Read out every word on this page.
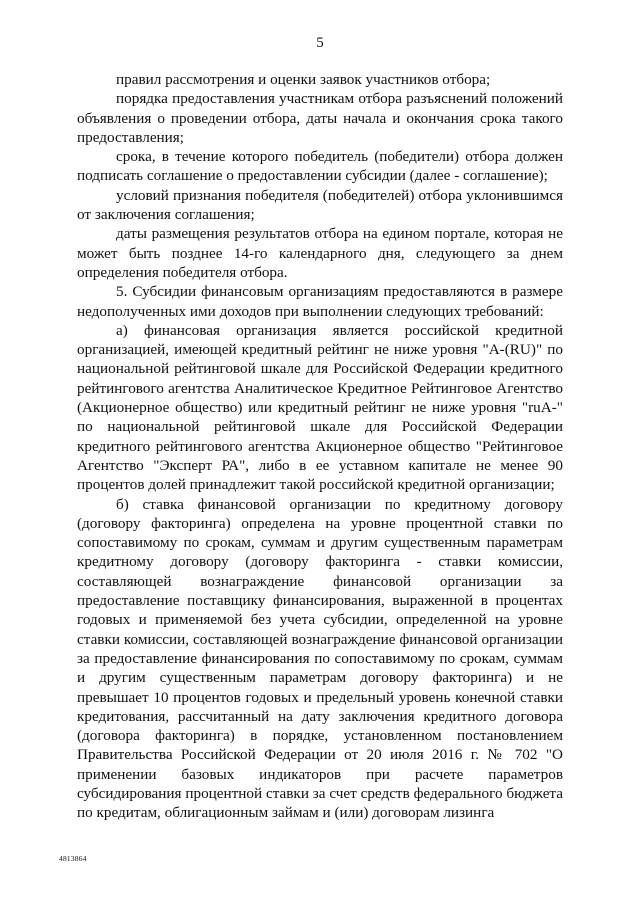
5

правил рассмотрения и оценки заявок участников отбора;

порядка предоставления участникам отбора разъяснений положений объявления о проведении отбора, даты начала и окончания срока такого предоставления;

срока, в течение которого победитель (победители) отбора должен подписать соглашение о предоставлении субсидии (далее - соглашение);

условий признания победителя (победителей) отбора уклонившимся от заключения соглашения;

даты размещения результатов отбора на едином портале, которая не может быть позднее 14-го календарного дня, следующего за днем определения победителя отбора.

5. Субсидии финансовым организациям предоставляются в размере недополученных ими доходов при выполнении следующих требований:

а) финансовая организация является российской кредитной организацией, имеющей кредитный рейтинг не ниже уровня "A-(RU)" по национальной рейтинговой шкале для Российской Федерации кредитного рейтингового агентства Аналитическое Кредитное Рейтинговое Агентство (Акционерное общество) или кредитный рейтинг не ниже уровня "ruA-" по национальной рейтинговой шкале для Российской Федерации кредитного рейтингового агентства Акционерное общество "Рейтинговое Агентство "Эксперт РА", либо в ее уставном капитале не менее 90 процентов долей принадлежит такой российской кредитной организации;

б) ставка финансовой организации по кредитному договору (договору факторинга) определена на уровне процентной ставки по сопоставимому по срокам, суммам и другим существенным параметрам кредитному договору (договору факторинга - ставки комиссии, составляющей вознаграждение финансовой организации за предоставление поставщику финансирования, выраженной в процентах годовых и применяемой без учета субсидии, определенной на уровне ставки комиссии, составляющей вознаграждение финансовой организации за предоставление финансирования по сопоставимому по срокам, суммам и другим существенным параметрам договору факторинга) и не превышает 10 процентов годовых и предельный уровень конечной ставки кредитования, рассчитанный на дату заключения кредитного договора (договора факторинга) в порядке, установленном постановлением Правительства Российской Федерации от 20 июля 2016 г. № 702 "О применении базовых индикаторов при расчете параметров субсидирования процентной ставки за счет средств федерального бюджета по кредитам, облигационным займам и (или) договорам лизинга

4813864
